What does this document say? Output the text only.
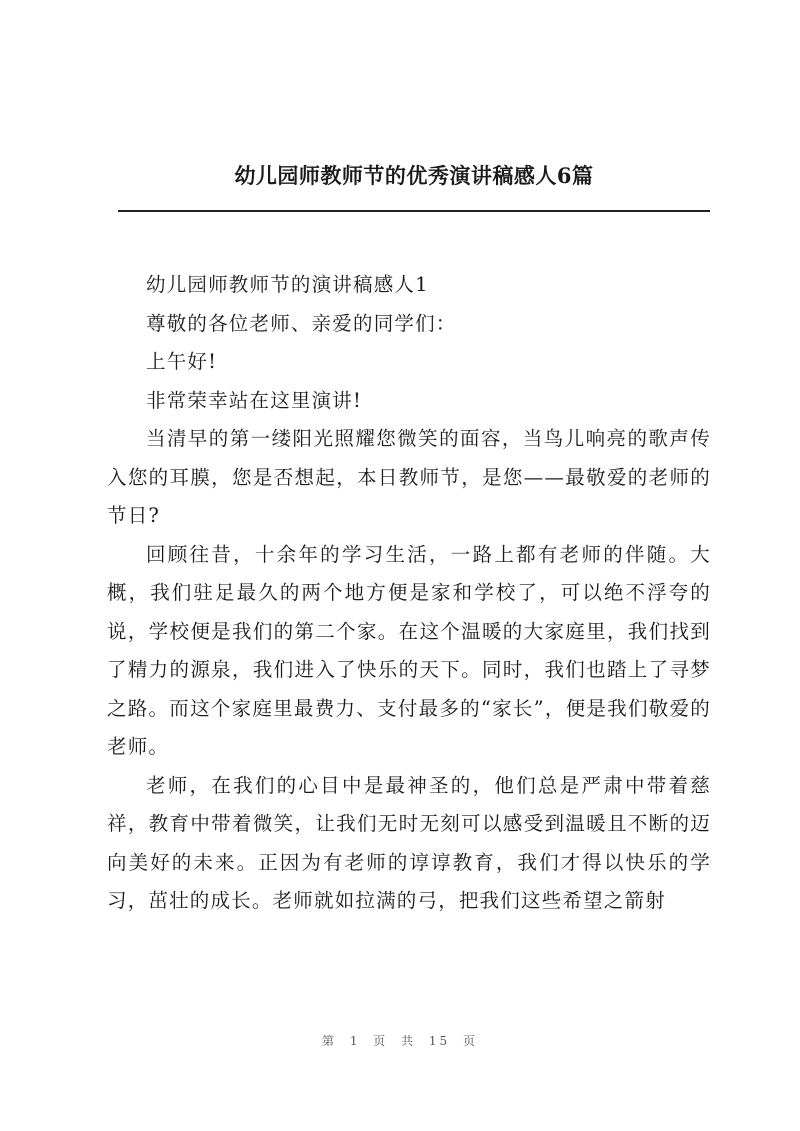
幼儿园师教师节的优秀演讲稿感人6篇

幼儿园师教师节的演讲稿感人1

尊敬的各位老师、亲爱的同学们：

上午好!

非常荣幸站在这里演讲!

当清早的第一缕阳光照耀您微笑的面容，当鸟儿响亮的歌声传入您的耳膜，您是否想起，本日教师节，是您——最敬爱的老师的节日?

回顾往昔，十余年的学习生活，一路上都有老师的伴随。大概，我们驻足最久的两个地方便是家和学校了，可以绝不浮夸的说，学校便是我们的第二个家。在这个温暖的大家庭里，我们找到了精力的源泉，我们进入了快乐的天下。同时，我们也踏上了寻梦之路。而这个家庭里最费力、支付最多的“家长”，便是我们敬爱的老师。

老师，在我们的心目中是最神圣的，他们总是严肃中带着慈祥，教育中带着微笑，让我们无时无刻可以感受到温暖且不断的迈向美好的未来。正因为有老师的谆谆教育，我们才得以快乐的学习，茁壮的成长。老师就如拉满的弓，把我们这些希望之箭射

第 1 页 共 15 页
